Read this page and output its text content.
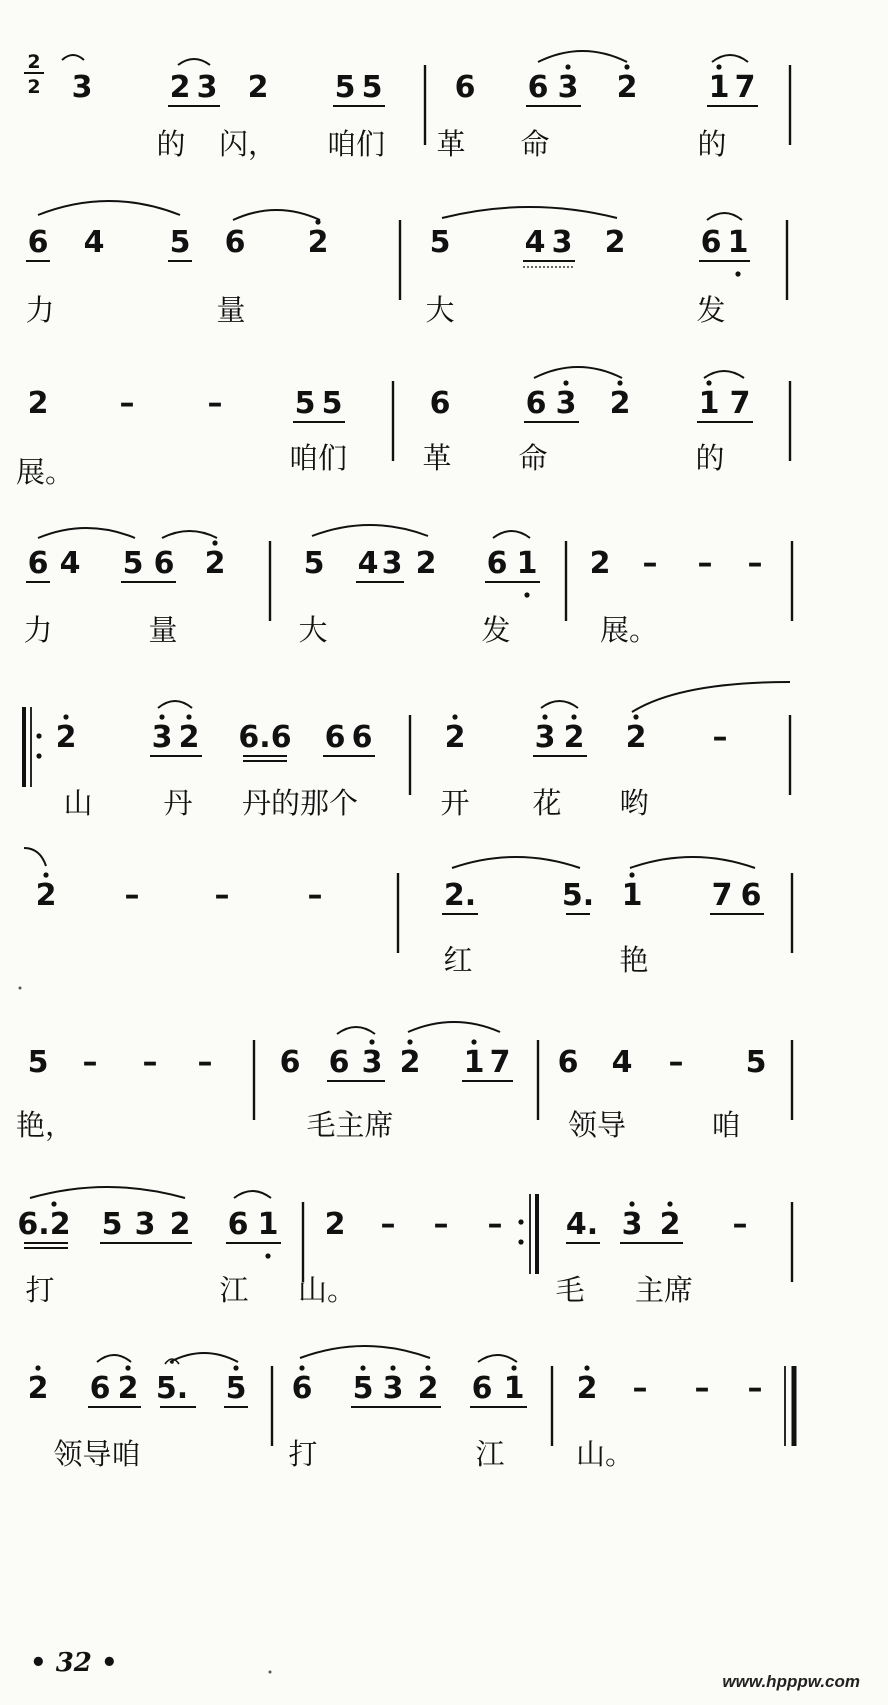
2
2 3	2 3 2 5 5 6 6 3 2 1 7
的 闪， 咱们 革 命	的
6 4 5 6 2	5 4 3 2	6 1
力	量	大	发
2 – – 5 5	6	6 3 2 1 7
展。	咱们	革 命	的
6 4 5 6 2	5 4 3 2 6 1 2 – – –
力	量	大	发	展。
2	3 2 6.6 6 6 2 3 2 2 –
山 丹 丹的那个	开 花 哟
2 –	–	–	2.	5. 1 7 6
红	艳
5 – – – 6 6 3 2 1 7 6 4 – 5
艳，	毛主席	领导	咱
6.2 5 3 2 6 1 2 – – – 4. 3 2 –
打	江 山。	毛 主席
2 6 2 5. 5 6 5 3 2 6 1 2 – – –
领导咱	打	江 山。
• 32 •
www.hpppw.com
